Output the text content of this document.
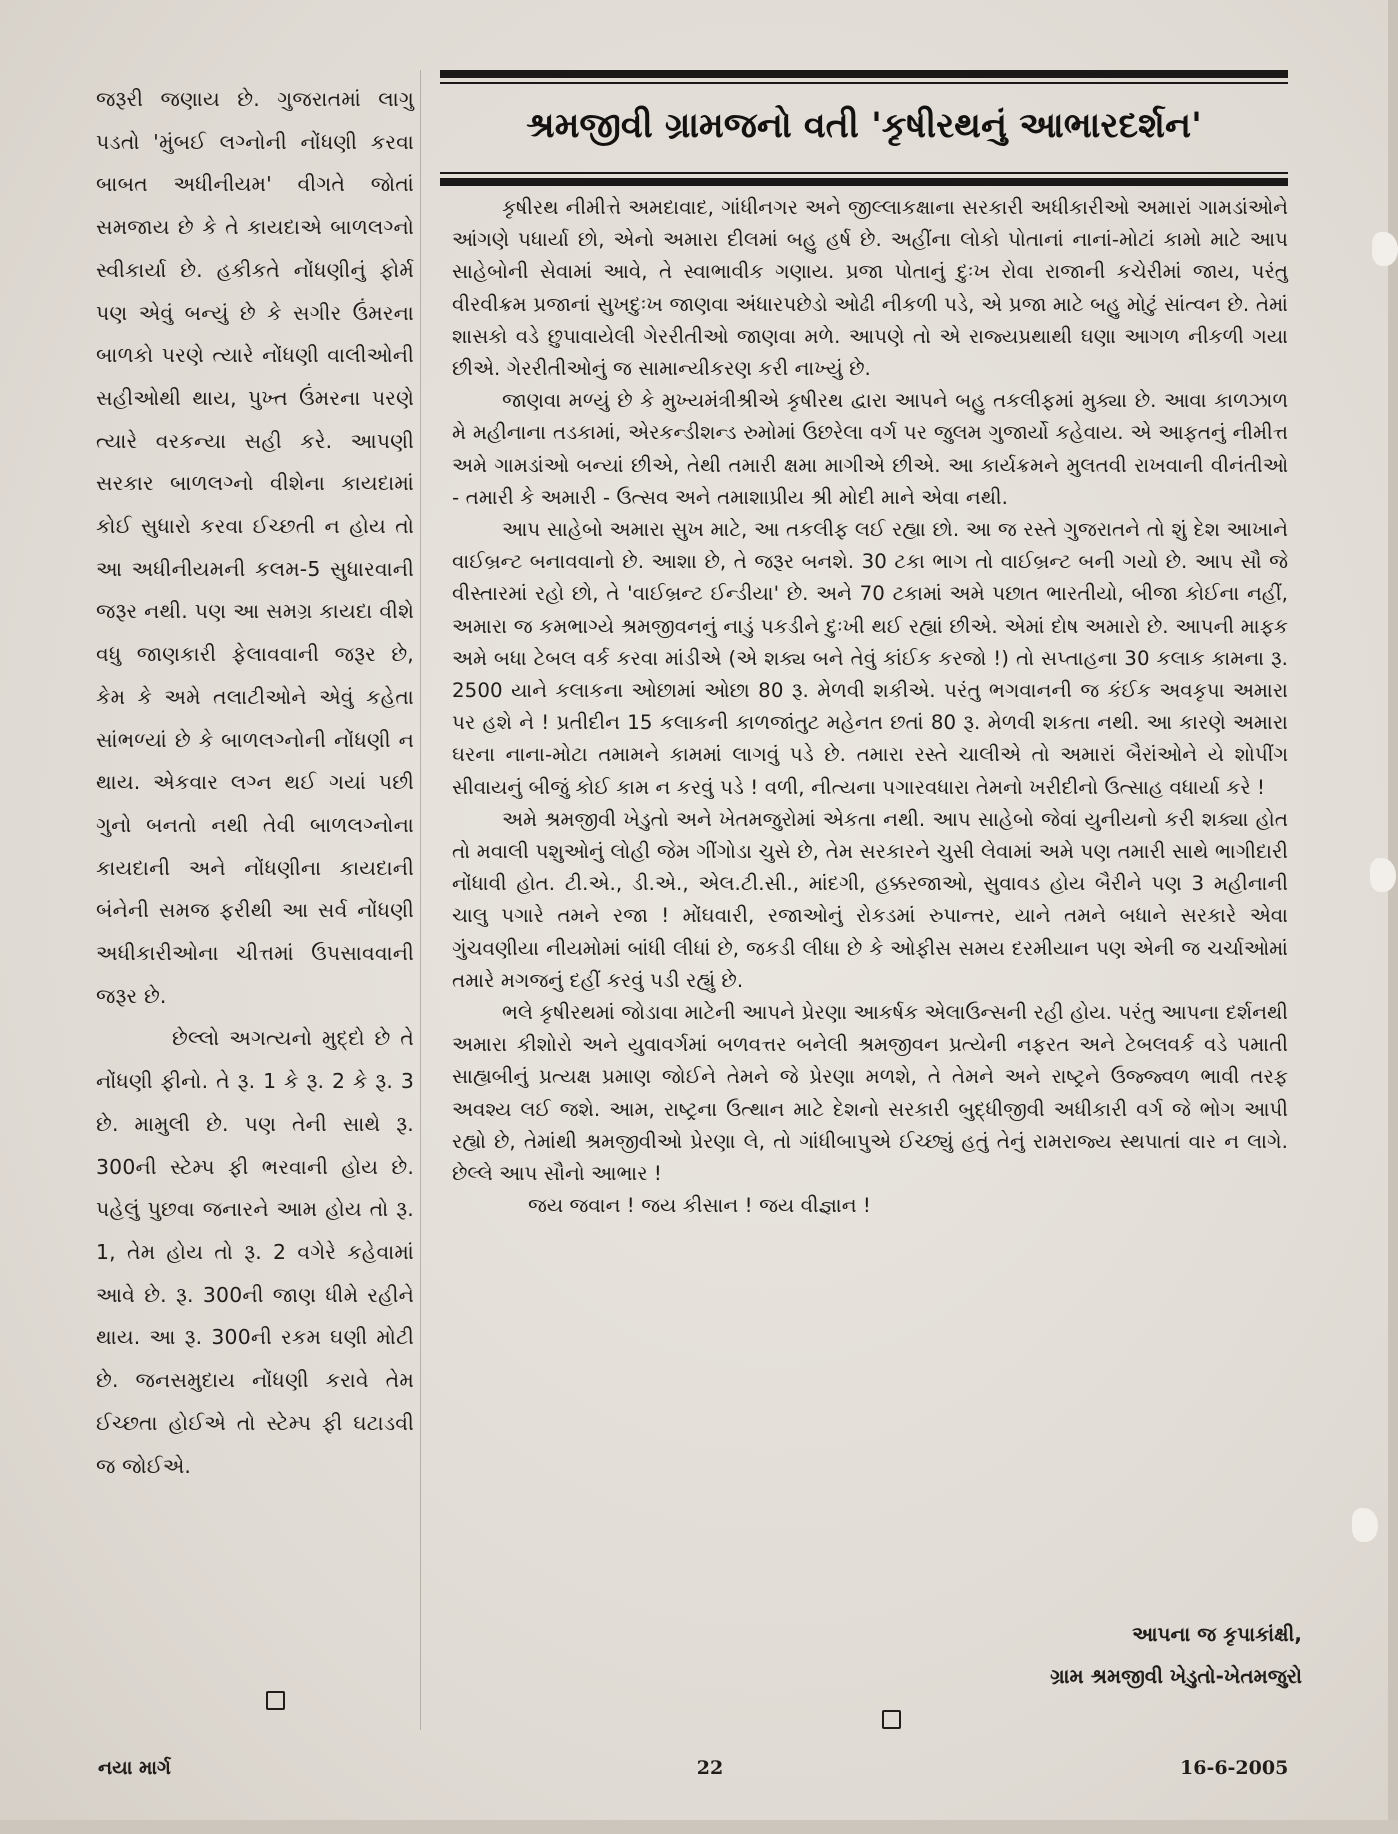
જરૂરી જણાય છે. ગુજરાતમાં લાગુ પડતો 'મુંબઈ લગ્નોની નોંધણી કરવા બાબત અધીનીયમ' વીગતે જોતાં સમજાય છે કે તે કાયદાએ બાળલગ્નો સ્વીકાર્યા છે. હકીકતે નોંધણીનું ફોર્મ પણ એવું બન્યું છે કે સગીર ઉંમરના બાળકો પરણે ત્યારે નોંધણી વાલીઓની સહીઓથી થાય, પુખ્ત ઉંમરના પરણે ત્યારે વરકન્યા સહી કરે. આપણી સરકાર બાળલગ્નો વીશેના કાયદામાં કોઈ સુધારો કરવા ઈચ્છતી ન હોય તો આ અધીનીયમની કલમ-5 સુધારવાની જરૂર નથી. પણ આ સમગ્ર કાયદા વીશે વધુ જાણકારી ફેલાવવાની જરૂર છે, કેમ કે અમે તલાટીઓને એવું કહેતા સાંભળ્યાં છે કે બાળલગ્નોની નોંધણી ન થાય. એકવાર લગ્ન થઈ ગયાં પછી ગુનો બનતો નથી તેવી બાળલગ્નોના કાયદાની અને નોંધણીના કાયદાની બંનેની સમજ ફરીથી આ સર્વ નોંધણી અધીકારીઓના ચીત્તમાં ઉપસાવવાની જરૂર છે.

છેલ્લો અગત્યનો મુદ્દો છે તે નોંધણી ફીનો. તે રૂ. 1 કે રૂ. 2 કે રૂ. 3 છે. મામુલી છે. પણ તેની સાથે રૂ. 300ની સ્ટેમ્પ ફી ભરવાની હોય છે. પહેલું પુછવા જનારને આમ હોય તો રૂ. 1, તેમ હોય તો રૂ. 2 વગેરે કહેવામાં આવે છે. રૂ. 300ની જાણ ધીમે રહીને થાય. આ રૂ. 300ની રકમ ઘણી મોટી છે. જનસમુદાય નોંધણી કરાવે તેમ ઈચ્છતા હોઈએ તો સ્ટેમ્પ ફી ઘટાડવી જ જોઈએ.

શ્રમજીવી ગ્રામજનો વતી 'કૃષીરથનું આભારદર્શન'

કૃષીરથ નીમીત્તે અમદાવાદ, ગાંધીનગર અને જીલ્લાકક્ષાના સરકારી અધીકારીઓ અમારાં ગામડાંઓને આંગણે પધાર્યા છો, એનો અમારા દીલમાં બહુ હર્ષ છે. અહીંના લોકો પોતાનાં નાનાં-મોટાં કામો માટે આપ સાહેબોની સેવામાં આવે, તે સ્વાભાવીક ગણાય. પ્રજા પોતાનું દુઃખ રોવા રાજાની કચેરીમાં જાય, પરંતુ વીરવીક્રમ પ્રજાનાં સુખદુઃખ જાણવા અંધારપછેડો ઓઢી નીકળી પડે, એ પ્રજા માટે બહુ મોટું સાંત્વન છે. તેમાં શાસકો વડે છુપાવાયેલી ગેરરીતીઓ જાણવા મળે. આપણે તો એ રાજ્યપ્રથાથી ઘણા આગળ નીકળી ગયા છીએ. ગેરરીતીઓનું જ સામાન્યીકરણ કરી નાખ્યું છે.

જાણવા મળ્યું છે કે મુખ્યમંત્રીશ્રીએ કૃષીરથ દ્વારા આપને બહુ તકલીફમાં મુક્યા છે. આવા કાળઝાળ મે મહીનાના તડકામાં, એરકન્ડીશન્ડ રુમોમાં ઉછરેલા વર્ગ પર જુલમ ગુજાર્યો કહેવાય. એ આફતનું નીમીત્ત અમે ગામડાંઓ બન્યાં છીએ, તેથી તમારી ક્ષમા માગીએ છીએ. આ કાર્યક્રમને મુલતવી રાખવાની વીનંતીઓ - તમારી કે અમારી - ઉત્સવ અને તમાશાપ્રીય શ્રી મોદી માને એવા નથી.

આપ સાહેબો અમારા સુખ માટે, આ તકલીફ લઈ રહ્યા છો. આ જ રસ્તે ગુજરાતને તો શું દેશ આખાને વાઈબ્રન્ટ બનાવવાનો છે. આશા છે, તે જરૂર બનશે. 30 ટકા ભાગ તો વાઈબ્રન્ટ બની ગયો છે. આપ સૌ જે વીસ્તારમાં રહો છો, તે 'વાઈબ્રન્ટ ઈન્ડીયા' છે. અને 70 ટકામાં અમે પછાત ભારતીયો, બીજા કોઈના નહીં, અમારા જ કમભાગ્યે શ્રમજીવનનું નાડું પકડીને દુઃખી થઈ રહ્યાં છીએ. એમાં દોષ અમારો છે. આપની માફક અમે બધા ટેબલ વર્ક કરવા માંડીએ (એ શક્ય બને તેવું કાંઈક કરજો !) તો સપ્તાહના 30 કલાક કામના રૂ. 2500 યાને કલાકના ઓછામાં ઓછા 80 રૂ. મેળવી શકીએ. પરંતુ ભગવાનની જ કંઈક અવકૃપા અમારા પર હશે ને ! પ્રતીદીન 15 કલાકની કાળજાંતુટ મહેનત છતાં 80 રૂ. મેળવી શકતા નથી. આ કારણે અમારા ઘરના નાના-મોટા તમામને કામમાં લાગવું પડે છે. તમારા રસ્તે ચાલીએ તો અમારાં બૈરાંઓને યે શોપીંગ સીવાયનું બીજું કોઈ કામ ન કરવું પડે ! વળી, નીત્યના પગારવધારા તેમનો ખરીદીનો ઉત્સાહ વધાર્યા કરે !

અમે શ્રમજીવી ખેડુતો અને ખેતમજુરોમાં એકતા નથી. આપ સાહેબો જેવાં યુનીયનો કરી શક્યા હોત તો મવાલી પશુઓનું લોહી જેમ ગીંગોડા ચુસે છે, તેમ સરકારને ચુસી લેવામાં અમે પણ તમારી સાથે ભાગીદારી નોંધાવી હોત. ટી.એ., ડી.એ., એલ.ટી.સી., માંદગી, હક્કરજાઓ, સુવાવડ હોય બૈરીને પણ 3 મહીનાની ચાલુ પગારે તમને રજા ! મોંઘવારી, રજાઓનું રોકડમાં રુપાન્તર, યાને તમને બધાને સરકારે એવા ગુંચવણીયા નીયમોમાં બાંધી લીધાં છે, જકડી લીધા છે કે ઓફીસ સમય દરમીયાન પણ એની જ ચર્ચાઓમાં તમારે મગજનું દહીં કરવું પડી રહ્યું છે.

ભલે કૃષીરથમાં જોડાવા માટેની આપને પ્રેરણા આકર્ષક એલાઉન્સની રહી હોય. પરંતુ આપના દર્શનથી અમારા કીશોરો અને યુવાવર્ગમાં બળવત્તર બનેલી શ્રમજીવન પ્રત્યેની નફરત અને ટેબલવર્ક વડે પમાતી સાહ્યબીનું પ્રત્યક્ષ પ્રમાણ જોઈને તેમને જે પ્રેરણા મળશે, તે તેમને અને રાષ્ટ્રને ઉજ્જ્વળ ભાવી તરફ અવશ્ય લઈ જશે. આમ, રાષ્ટ્રના ઉત્થાન માટે દેશનો સરકારી બુદ્ધીજીવી અધીકારી વર્ગ જે ભોગ આપી રહ્યો છે, તેમાંથી શ્રમજીવીઓ પ્રેરણા લે, તો ગાંધીબાપુએ ઈચ્છ્યું હતું તેનું રામરાજ્ય સ્થપાતાં વાર ન લાગે. છેલ્લે આપ સૌનો આભાર !

જય જવાન ! જય કીસાન ! જય વીજ્ઞાન !

આપના જ કૃપાકાંક્ષી,
ગ્રામ શ્રમજીવી ખેડુતો-ખેતમજુરો
નયા માર્ગ	22	16-6-2005
